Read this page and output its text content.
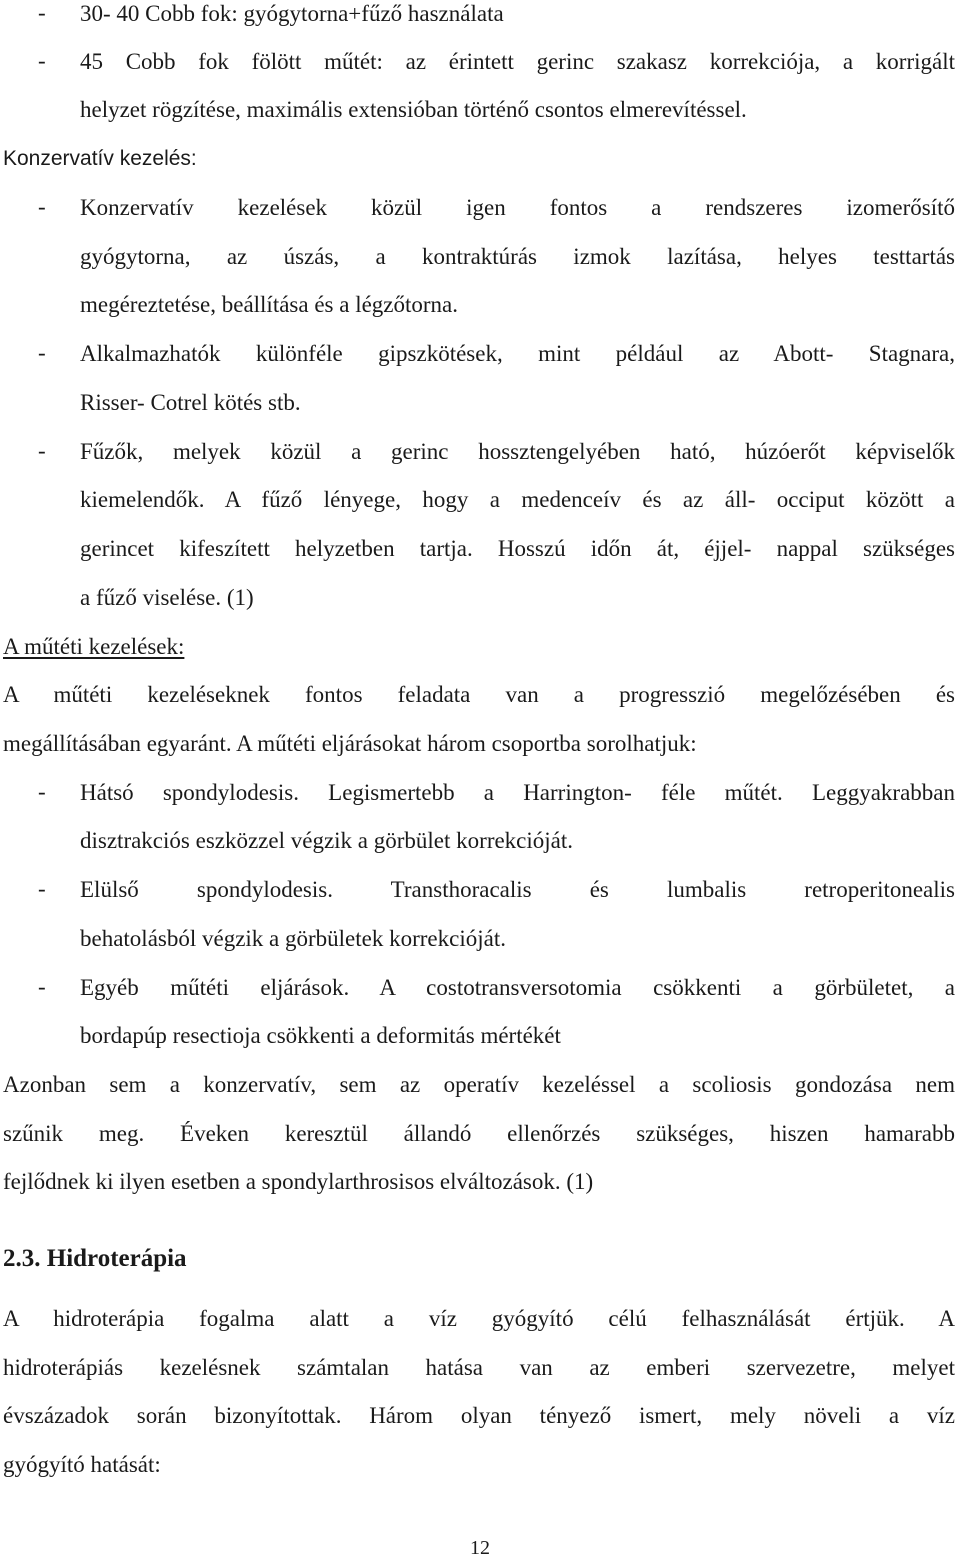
- 30- 40 Cobb fok: gyógytorna+fűző használata
- 45 Cobb fok fölött műtét: az érintett gerinc szakasz korrekciója, a korrigált
helyzet rögzítése, maximális extensióban történő csontos elmerevítéssel.
Konzervatív kezelés:
- Konzervatív kezelések közül igen fontos a rendszeres izomerősítő
gyógytorna, az úszás, a kontraktúrás izmok lazítása, helyes testtartás
megéreztetése, beállítása és a légzőtorna.
- Alkalmazhatók különféle gipszkötések, mint például az Abott- Stagnara,
Risser- Cotrel kötés stb.
- Fűzők, melyek közül a gerinc hossztengelyében ható, húzóerőt képviselők
kiemelendők. A fűző lényege, hogy a medenceív és az áll- occiput között a
gerincet kifeszített helyzetben tartja. Hosszú időn át, éjjel- nappal szükséges
a fűző viselése. (1)
A műtéti kezelések:
A műtéti kezeléseknek fontos feladata van a progresszió megelőzésében és
megállításában egyaránt. A műtéti eljárásokat három csoportba sorolhatjuk:
- Hátsó spondylodesis. Legismertebb a Harrington- féle műtét. Leggyakrabban
disztrakciós eszközzel végzik a görbület korrekcióját.
- Elülső spondylodesis. Transthoracalis és lumbalis retroperitonealis
behatolásból végzik a görbületek korrekcióját.
- Egyéb műtéti eljárások. A costotransversotomia csökkenti a görbületet, a
bordapúp resectioja csökkenti a deformitás mértékét
Azonban sem a konzervatív, sem az operatív kezeléssel a scoliosis gondozása nem
szűnik meg. Éveken keresztül állandó ellenőrzés szükséges, hiszen hamarabb
fejlődnek ki ilyen esetben a spondylarthrosisos elváltozások. (1)
2.3. Hidroterápia
A hidroterápia fogalma alatt a víz gyógyító célú felhasználását értjük. A
hidroterápiás kezelésnek számtalan hatása van az emberi szervezetre, melyet
évszázadok során bizonyítottak. Három olyan tényező ismert, mely növeli a víz
gyógyító hatását:
12
